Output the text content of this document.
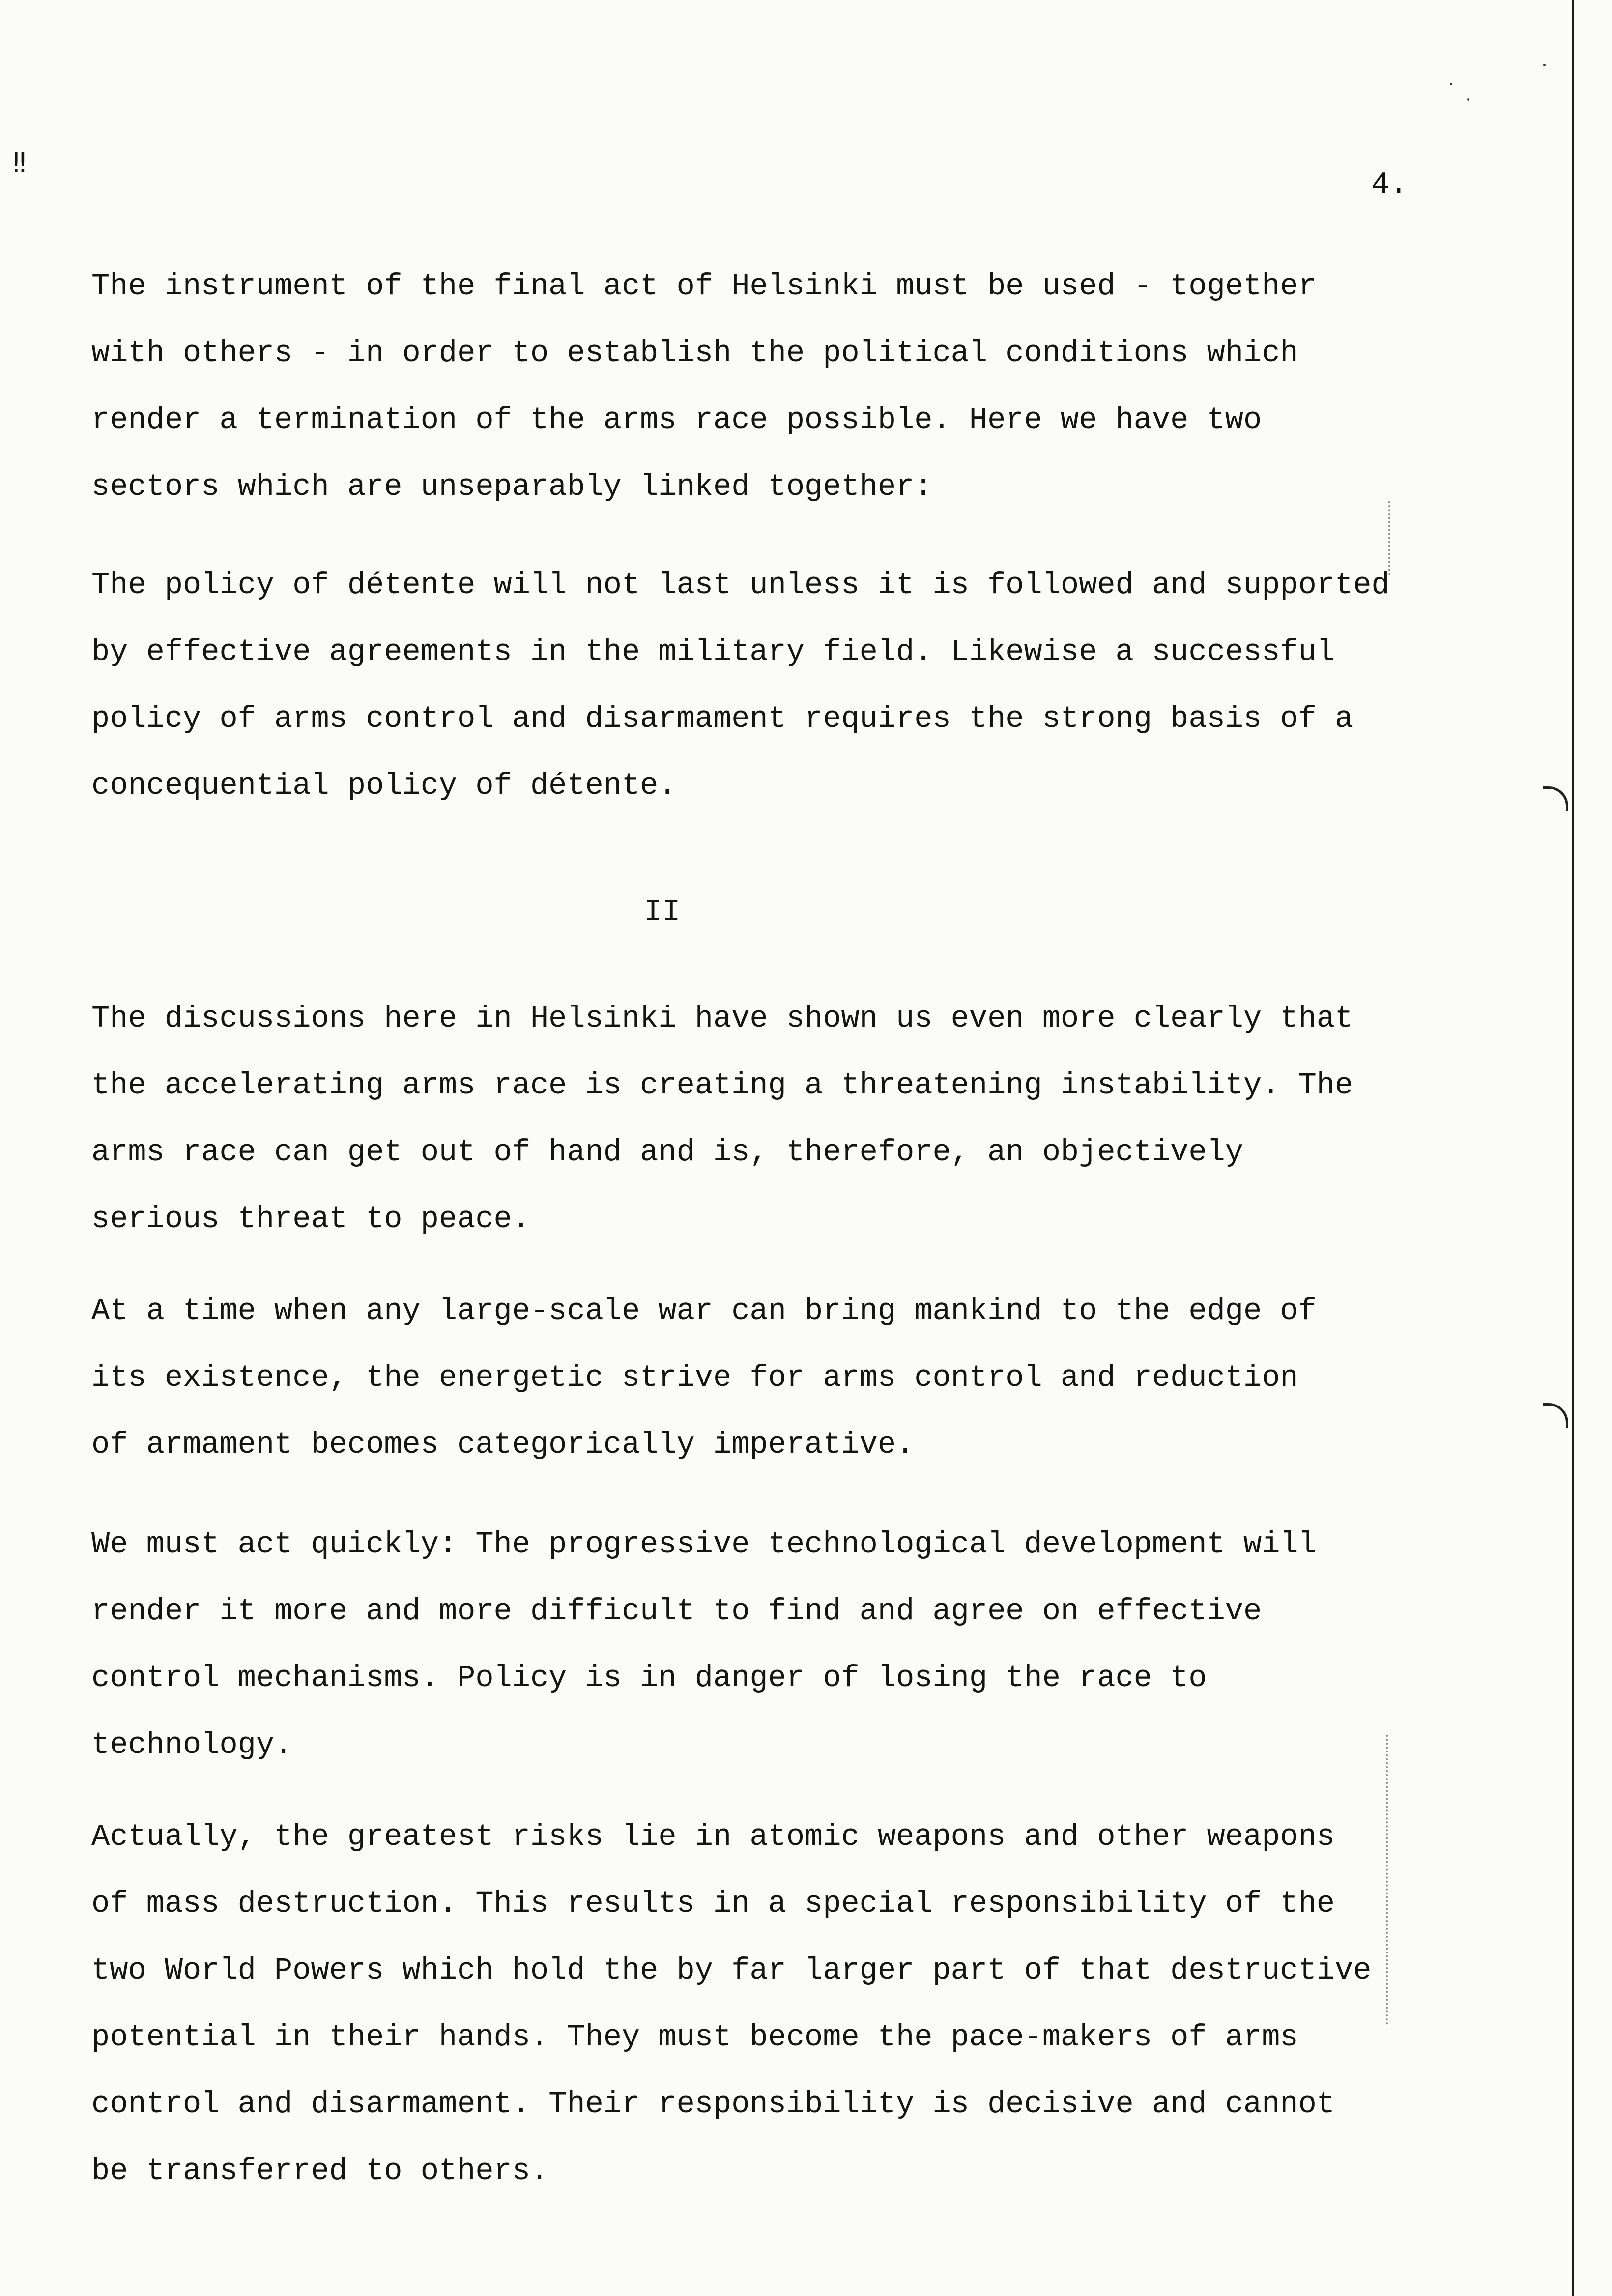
‼
4.
The instrument of the final act of Helsinki must be used - together
with others - in order to establish the political conditions which
render a termination of the arms race possible. Here we have two
sectors which are unseparably linked together:
The policy of détente will not last unless it is followed and supported
by effective agreements in the military field. Likewise a successful
policy of arms control and disarmament requires the strong basis of a
concequential policy of détente.
II
The discussions here in Helsinki have shown us even more clearly that
the accelerating arms race is creating a threatening instability. The
arms race can get out of hand and is, therefore, an objectively
serious threat to peace.
At a time when any large-scale war can bring mankind to the edge of
its existence, the energetic strive for arms control and reduction
of armament becomes categorically imperative.
We must act quickly: The progressive technological development will
render it more and more difficult to find and agree on effective
control mechanisms. Policy is in danger of losing the race to
technology.
Actually, the greatest risks lie in atomic weapons and other weapons
of mass destruction. This results in a special responsibility of the
two World Powers which hold the by far larger part of that destructive
potential in their hands. They must become the pace-makers of arms
control and disarmament. Their responsibility is decisive and cannot
be transferred to others.
